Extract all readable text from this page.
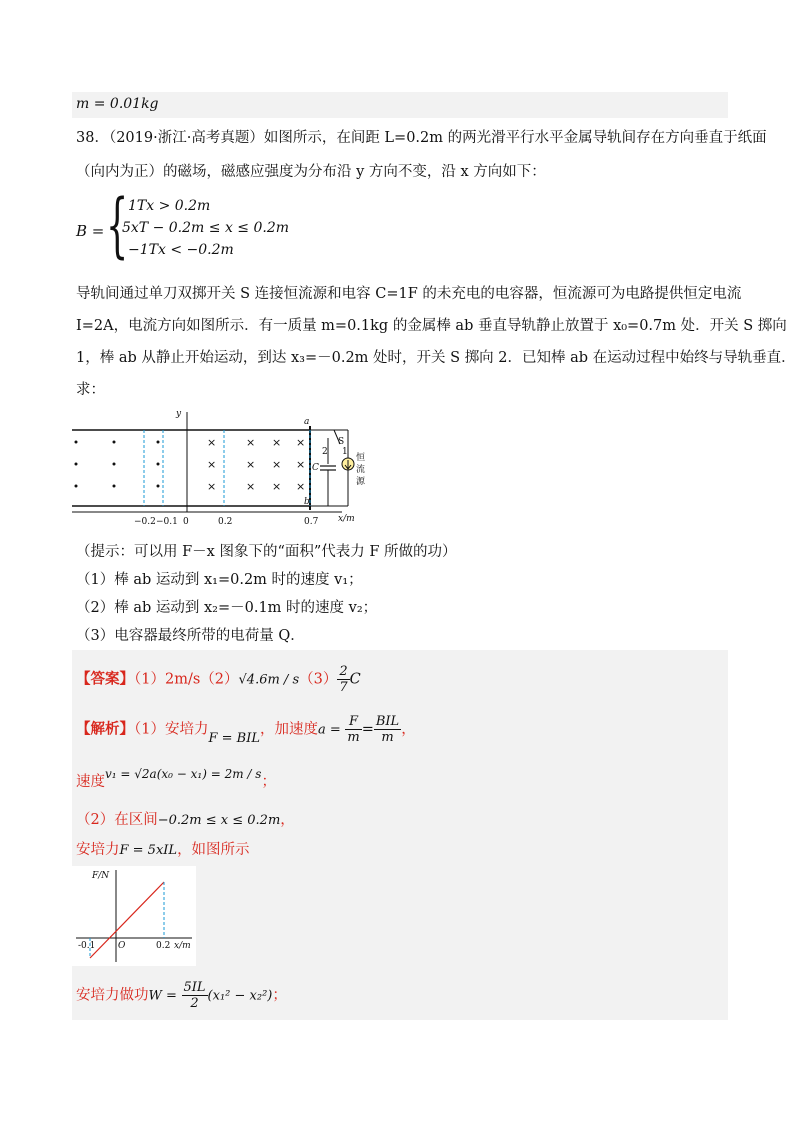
m = 0.01kg
38．（2019·浙江·高考真题）如图所示，在间距 L=0.2m 的两光滑平行水平金属导轨间存在方向垂直于纸面
（向内为正）的磁场，磁感应强度为分布沿 y 方向不变，沿 x 方向如下：
B = { 1Tx > 0.2m
5xT − 0.2m ≤ x ≤ 0.2m
−1Tx < −0.2m
导轨间通过单刀双掷开关 S 连接恒流源和电容 C=1F 的未充电的电容器，恒流源可为电路提供恒定电流
I=2A，电流方向如图所示．有一质量 m=0.1kg 的金属棒 ab 垂直导轨静止放置于 x₀=0.7m 处．开关 S 掷向
1，棒 ab 从静止开始运动，到达 x₃=－0.2m 处时，开关 S 掷向 2．已知棒 ab 在运动过程中始终与导轨垂直．
求：
×
×
×
×
×
×
×
×
×
×
×
×
y
x/m
−0.2 −0.1 0	0.2	0.7
a
b
S
1
2
C
恒
流
源
（提示：可以用 F－x 图象下的“面积”代表力 F 所做的功）
（1）棒 ab 运动到 x₁=0.2m 时的速度 v₁；
（2）棒 ab 运动到 x₂=－0.1m 时的速度 v₂；
（3）电容器最终所带的电荷量 Q．
【答案】$(1)2m/s(2)√4.6m / s(3) \frac{2}{7}$ C
【解析】（1）安培力F = BIL，加速度$a = \frac{F}{m} = \frac{\text{BIL}}{m}$ ，
速度$^{v_1 = √2a(x_0 - x_1) = 2m / s}$；
（2）在区间−0.2m ≤ x ≤ 0.2m，
安培力F = 5xIL，如图所示
F/N
x/m
O
-0.1	0.2
安培力做功$W = \frac{5IL}{2} (x_1^2 - x_2^2)$；
